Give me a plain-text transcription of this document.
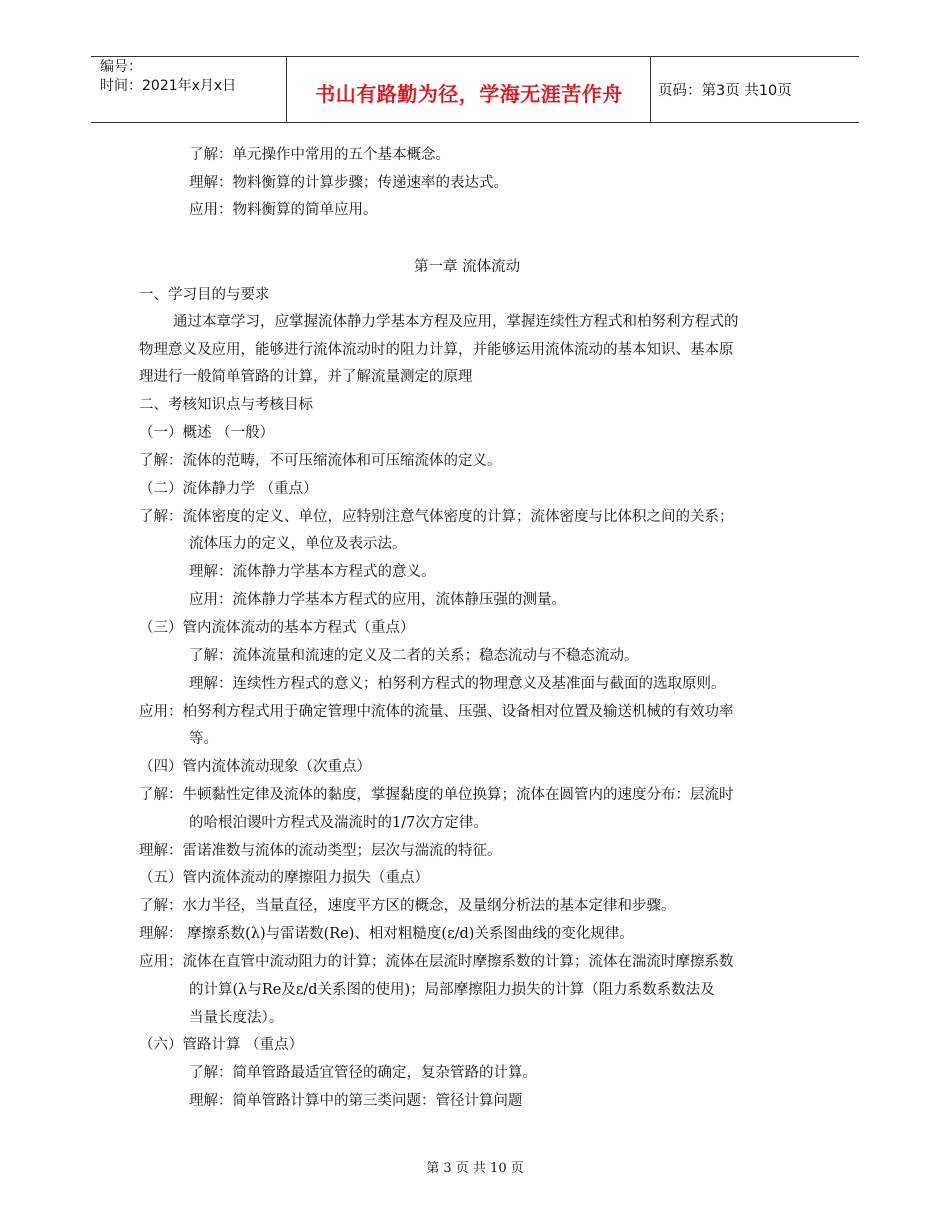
编号：
时间：2021年x月x日	书山有路勤为径，学海无涯苦作舟	页码：第3页 共10页
了解：单元操作中常用的五个基本概念。
理解：物料衡算的计算步骤；传递速率的表达式。
应用：物料衡算的简单应用。
第一章 流体流动
一、学习目的与要求
通过本章学习，应掌握流体静力学基本方程及应用，掌握连续性方程式和柏努利方程式的
物理意义及应用，能够进行流体流动时的阻力计算，并能够运用流体流动的基本知识、基本原
理进行一般简单管路的计算，并了解流量测定的原理
二、考核知识点与考核目标
（一）概述 （一般）
了解：流体的范畴，不可压缩流体和可压缩流体的定义。
（二）流体静力学 （重点）
了解：流体密度的定义、单位，应特别注意气体密度的计算；流体密度与比体积之间的关系；
流体压力的定义，单位及表示法。
理解：流体静力学基本方程式的意义。
应用：流体静力学基本方程式的应用，流体静压强的测量。
（三）管内流体流动的基本方程式（重点）
了解：流体流量和流速的定义及二者的关系；稳态流动与不稳态流动。
理解：连续性方程式的意义；柏努利方程式的物理意义及基准面与截面的选取原则。
应用：柏努利方程式用于确定管理中流体的流量、压强、设备相对位置及输送机械的有效功率
等。
（四）管内流体流动现象（次重点）
了解：牛顿黏性定律及流体的黏度，掌握黏度的单位换算；流体在圆管内的速度分布：层流时
的哈根泊谡叶方程式及湍流时的1/7次方定律。
理解：雷诺准数与流体的流动类型；层次与湍流的特征。
（五）管内流体流动的摩擦阻力损失（重点）
了解：水力半径，当量直径，速度平方区的概念，及量纲分析法的基本定律和步骤。
理解： 摩擦系数(λ)与雷诺数(Re)、相对粗糙度(ε/d)关系图曲线的变化规律。
应用：流体在直管中流动阻力的计算；流体在层流时摩擦系数的计算；流体在湍流时摩擦系数
的计算(λ与Re及ε/d关系图的使用)；局部摩擦阻力损失的计算（阻力系数系数法及
当量长度法）。
（六）管路计算 （重点）
了解：简单管路最适宜管径的确定，复杂管路的计算。
理解：简单管路计算中的第三类问题：管径计算问题
第 3 页 共 10 页
